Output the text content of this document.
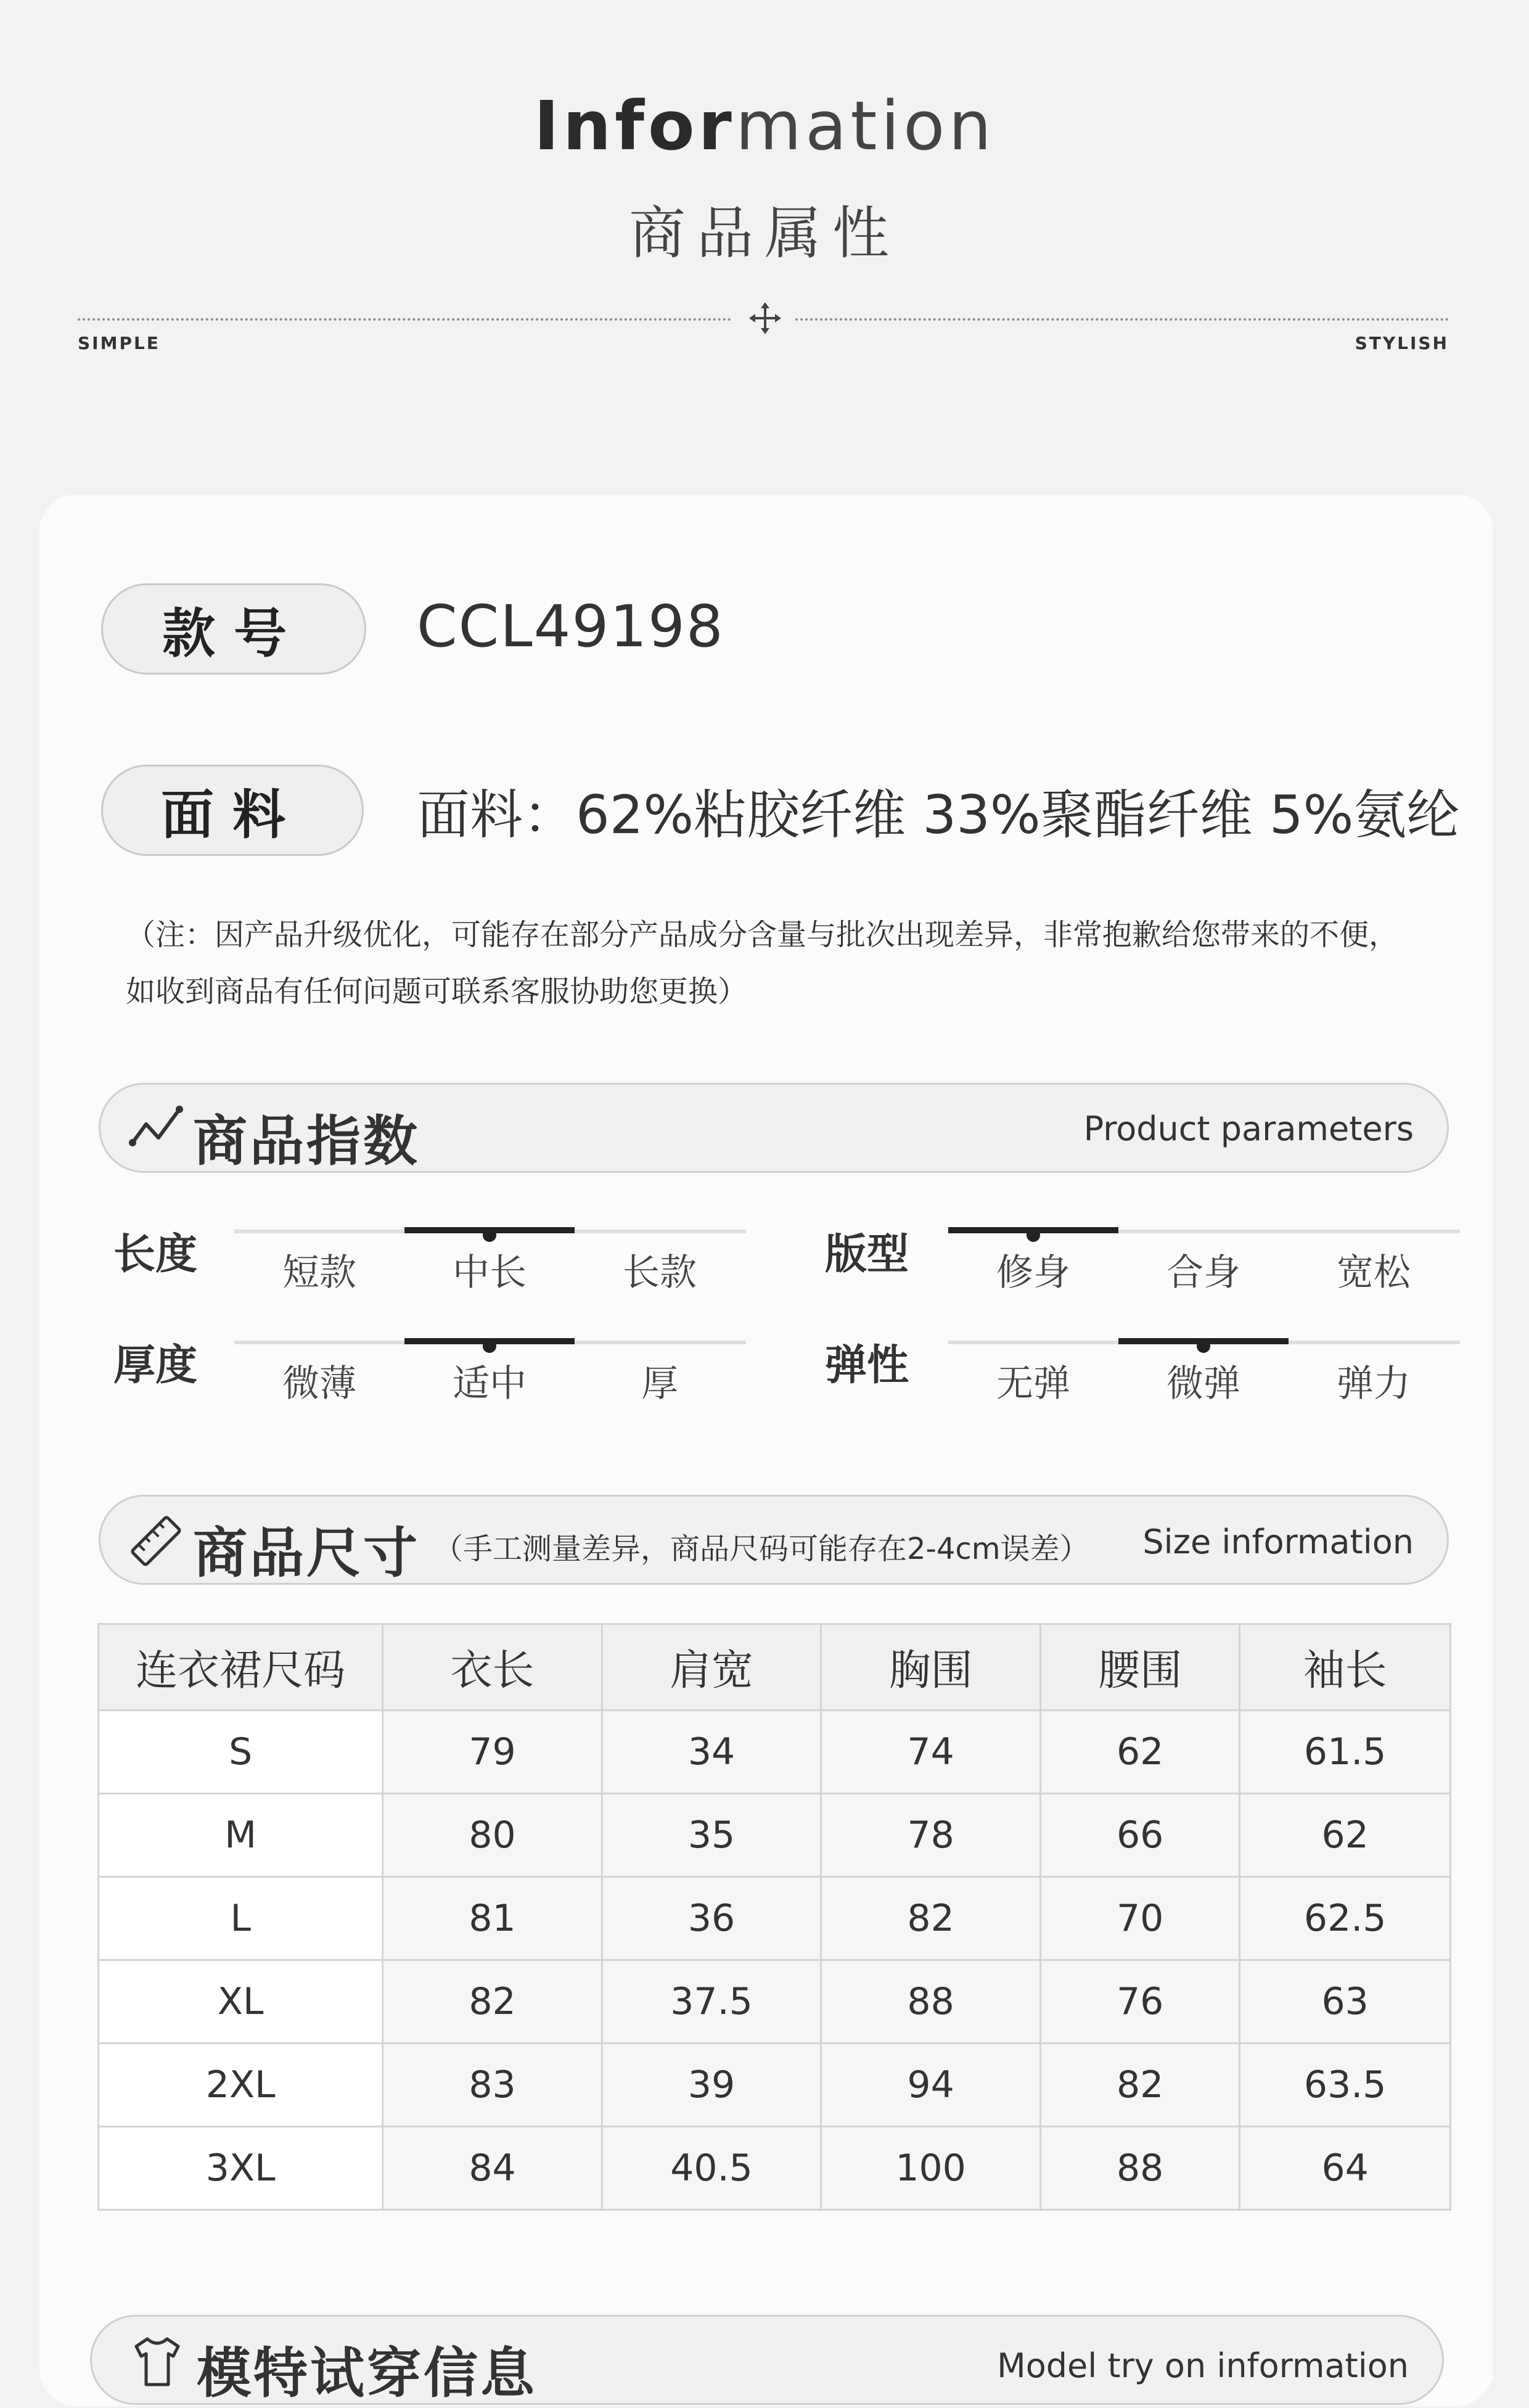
Information
商品属性
SIMPLE	STYLISH
款号	CCL49198
面料	面料：62%粘胶纤维 33%聚酯纤维 5%氨纶
（注：因产品升级优化，可能存在部分产品成分含量与批次出现差异，非常抱歉给您带来的不便，
如收到商品有任何问题可联系客服协助您更换）
商品指数	Product parameters
长度	短款	中长	长款	版型	修身	合身	宽松
厚度	微薄	适中	厚	弹性	无弹	微弹	弹力
商品尺寸 （手工测量差异，商品尺码可能存在2-4cm误差） Size information
连衣裙尺码	衣长	肩宽	胸围	腰围	袖长
S	79	34	74	62	61.5
M	80	35	78	66	62
L	81	36	82	70	62.5
XL	82	37.5	88	76	63
2XL	83	39	94	82	63.5
3XL	84	40.5	100	88	64
模特试穿信息	Model try on information
